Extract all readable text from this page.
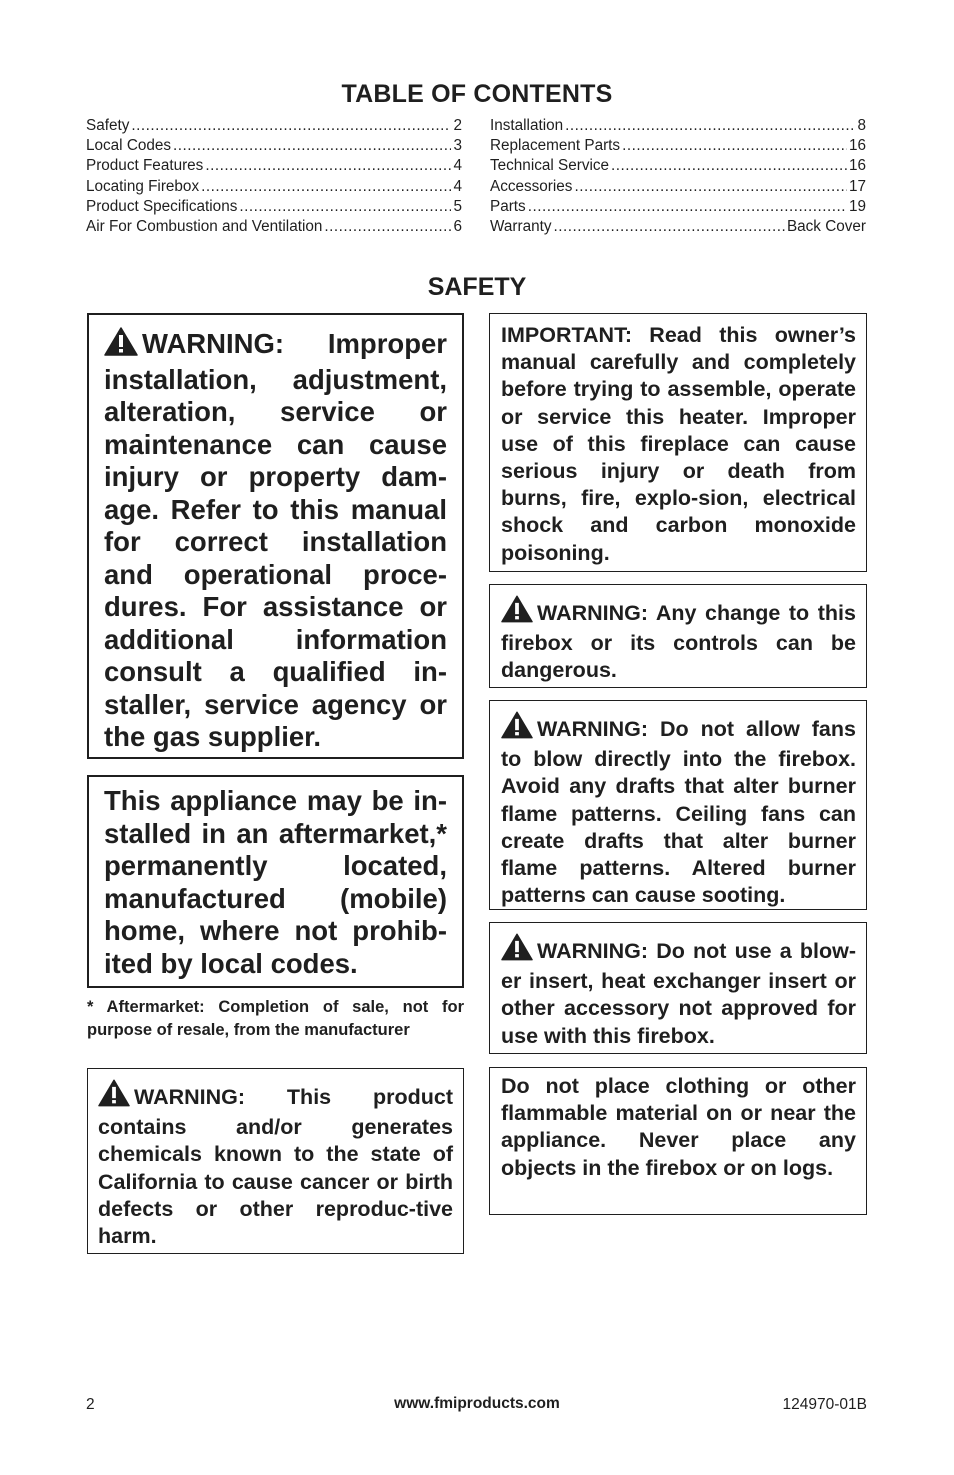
TABLE OF CONTENTS
Safety .....	2
Local Codes .....	3
Product Features .....	4
Locating Firebox .....	4
Product Specifications .....	5
Air For Combustion and Ventilation .....	6
Installation .....	8
Replacement Parts .....	16
Technical Service .....	16
Accessories .....	17
Parts .....	19
Warranty .....	Back Cover
SAFETY

WARNING: Improper installation, adjustment, alteration, service or maintenance can cause injury or property dam-age. Refer to this manual for correct installation and operational proce-dures. For assistance or additional information consult a qualified in-staller, service agency or the gas supplier.

This appliance may be in-stalled in an aftermarket,* permanently located, manufactured (mobile) home, where not prohib-ited by local codes.

* Aftermarket: Completion of sale, not for purpose of resale, from the manufacturer

WARNING: This product contains and/or generates chemicals known to the state of California to cause cancer or birth defects or other reproduc-tive harm.

IMPORTANT: Read this owner’s manual carefully and completely before trying to assemble, operate or service this heater. Improper use of this fireplace can cause serious injury or death from burns, fire, explo-sion, electrical shock and carbon monoxide poisoning.

WARNING: Any change to this firebox or its controls can be dangerous.

WARNING: Do not allow fans to blow directly into the firebox. Avoid any drafts that alter burner flame patterns. Ceiling fans can create drafts that alter burner flame patterns. Altered burner patterns can cause sooting.

WARNING: Do not use a blow-er insert, heat exchanger insert or other accessory not approved for use with this firebox.

Do not place clothing or other flammable material on or near the appliance. Never place any objects in the firebox or on logs.

2	www.fmiproducts.com	124970-01B
